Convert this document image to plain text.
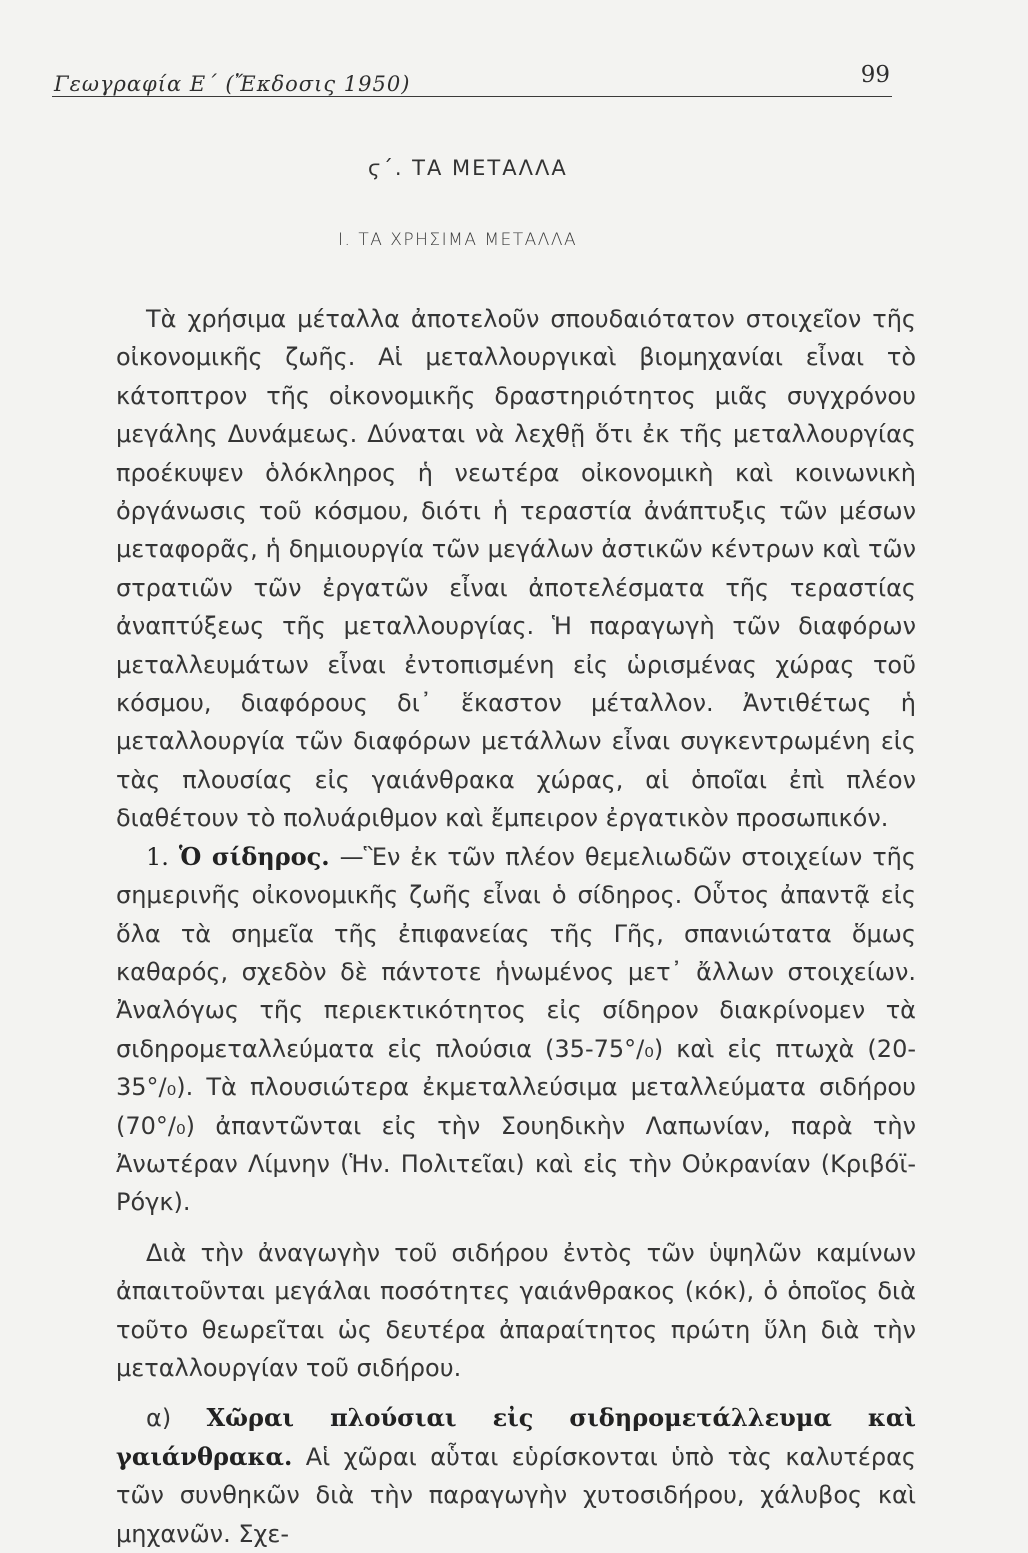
Γεωγραφία Ε΄ (Ἔκδοσις 1950)	99
ϛ΄. ΤΑ ΜΕΤΑΛΛΑ
I. ΤΑ ΧΡΗΣΙΜΑ ΜΕΤΑΛΛΑ

Τὰ χρήσιμα μέταλλα ἀποτελοῦν σπουδαιότατον στοιχεῖον τῆς οἰκονομικῆς ζωῆς. Αἱ μεταλλουργικαὶ βιομηχανίαι εἶναι τὸ κάτοπτρον τῆς οἰκονομικῆς δραστηριότητος μιᾶς συγχρόνου μεγάλης Δυνάμεως. Δύναται νὰ λεχθῇ ὅτι ἐκ τῆς μεταλλουργίας προέκυψεν ὁλόκληρος ἡ νεωτέρα οἰκονομικὴ καὶ κοινωνικὴ ὀργάνωσις τοῦ κόσμου, διότι ἡ τεραστία ἀνάπτυξις τῶν μέσων μεταφορᾶς, ἡ δημιουργία τῶν μεγάλων ἀστικῶν κέντρων καὶ τῶν στρατιῶν τῶν ἐργατῶν εἶναι ἀποτελέσματα τῆς τεραστίας ἀναπτύξεως τῆς μεταλλουργίας. Ἡ παραγωγὴ τῶν διαφόρων μεταλλευμάτων εἶναι ἐντοπισμένη εἰς ὡρισμένας χώρας τοῦ κόσμου, διαφόρους δι᾿ ἕκαστον μέταλλον. Ἀντιθέτως ἡ μεταλλουργία τῶν διαφόρων μετάλλων εἶναι συγκεντρωμένη εἰς τὰς πλουσίας εἰς γαιάνθρακα χώρας, αἱ ὁποῖαι ἐπὶ πλέον διαθέτουν τὸ πολυάριθμον καὶ ἔμπειρον ἐργατικὸν προσωπικόν.

1. Ὁ σίδηρος. —Ἓν ἐκ τῶν πλέον θεμελιωδῶν στοιχείων τῆς σημερινῆς οἰκονομικῆς ζωῆς εἶναι ὁ σίδηρος. Οὗτος ἀπαντᾷ εἰς ὅλα τὰ σημεῖα τῆς ἐπιφανείας τῆς Γῆς, σπανιώτατα ὅμως καθαρός, σχεδὸν δὲ πάντοτε ἡνωμένος μετ᾿ ἄλλων στοιχείων. Ἀναλόγως τῆς περιεκτικότητος εἰς σίδηρον διακρίνομεν τὰ σιδηρομεταλλεύματα εἰς πλούσια (35-75°/₀) καὶ εἰς πτωχὰ (20-35°/₀). Τὰ πλουσιώτερα ἐκμεταλλεύσιμα μεταλλεύματα σιδήρου (70°/₀) ἀπαντῶνται εἰς τὴν Σουηδικὴν Λαπωνίαν, παρὰ τὴν Ἀνωτέραν Λίμνην (Ἡν. Πολιτεῖαι) καὶ εἰς τὴν Οὐκρανίαν (Κριβόϊ-Ρόγκ).

Διὰ τὴν ἀναγωγὴν τοῦ σιδήρου ἐντὸς τῶν ὑψηλῶν καμίνων ἀπαιτοῦνται μεγάλαι ποσότητες γαιάνθρακος (κόκ), ὁ ὁποῖος διὰ τοῦτο θεωρεῖται ὡς δευτέρα ἀπαραίτητος πρώτη ὕλη διὰ τὴν μεταλλουργίαν τοῦ σιδήρου.

α) Χῶραι πλούσιαι εἰς σιδηρομετάλλευμα καὶ γαιάνθρακα. Αἱ χῶραι αὗται εὑρίσκονται ὑπὸ τὰς καλυτέρας τῶν συνθηκῶν διὰ τὴν παραγωγὴν χυτοσιδήρου, χάλυβος καὶ μηχανῶν. Σχε-
